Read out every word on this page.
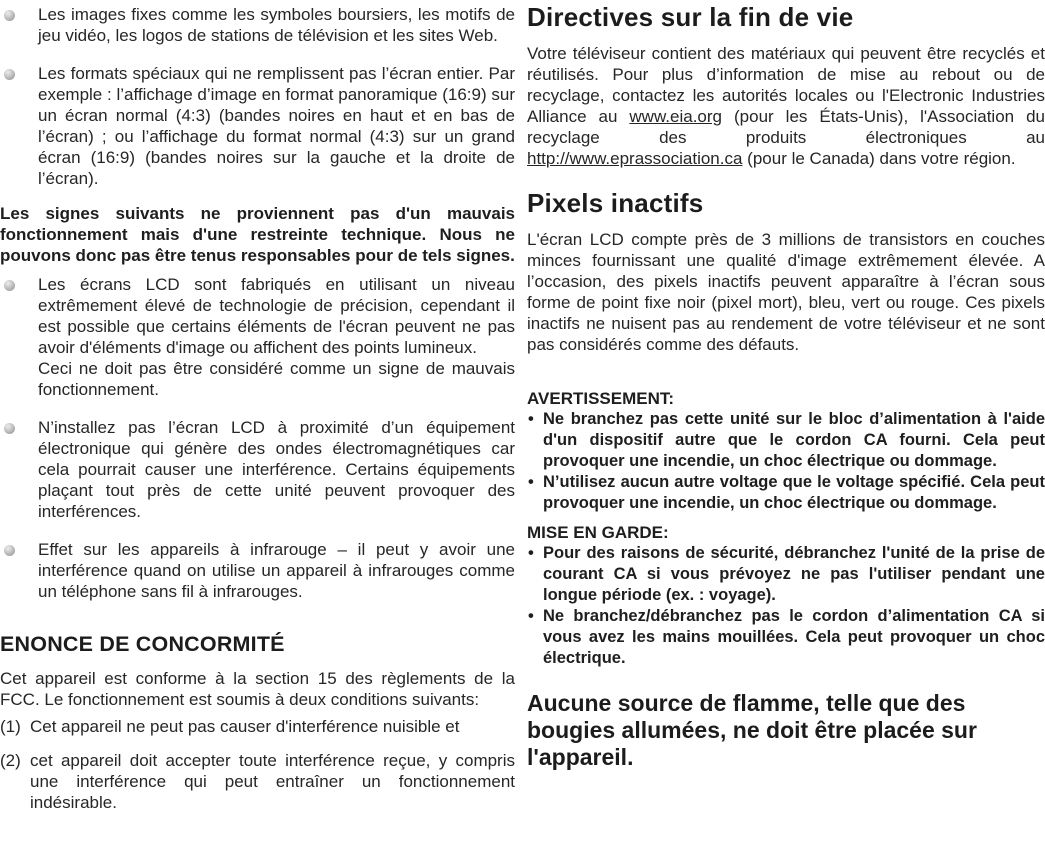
Les images fixes comme les symboles boursiers, les motifs de jeu vidéo, les logos de stations de télévision et les sites Web.

Les formats spéciaux qui ne remplissent pas l’écran entier. Par exemple : l’affichage d’image en format panoramique (16:9) sur un écran normal (4:3) (bandes noires en haut et en bas de l’écran) ; ou l’affichage du format normal (4:3) sur un grand écran (16:9) (bandes noires sur la gauche et la droite de l’écran).

Les signes suivants ne proviennent pas d'un mauvais fonctionnement mais d'une restreinte technique. Nous ne pouvons donc pas être tenus responsables pour de tels signes.

Les écrans LCD sont fabriqués en utilisant un niveau extrêmement élevé de technologie de précision, cependant il est possible que certains éléments de l'écran peuvent ne pas avoir d'éléments d'image ou affichent des points lumineux.

Ceci ne doit pas être considéré comme un signe de mauvais fonctionnement.

N’installez pas l’écran LCD à proximité d’un équipement électronique qui génère des ondes électromagnétiques car cela pourrait causer une interférence. Certains équipements plaçant tout près de cette unité peuvent provoquer des interférences.

Effet sur les appareils à infrarouge – il peut y avoir une interférence quand on utilise un appareil à infrarouges comme un téléphone sans fil à infrarouges.

ENONCE DE CONCORMITÉ

Cet appareil est conforme à la section 15 des règlements de la FCC. Le fonctionnement est soumis à deux conditions suivants:

(1) Cet appareil ne peut pas causer d'interférence nuisible et

(2) cet appareil doit accepter toute interférence reçue, y compris une interférence qui peut entraîner un fonctionnement indésirable.

Directives sur la fin de vie

Votre téléviseur contient des matériaux qui peuvent être recyclés et réutilisés. Pour plus d’information de mise au rebout ou de recyclage, contactez les autorités locales ou l'Electronic Industries Alliance au www.eia.org (pour les États-Unis), l'Association du recyclage des produits électroniques au http://www.eprassociation.ca (pour le Canada) dans votre région.

Pixels inactifs

L'écran LCD compte près de 3 millions de transistors en couches minces fournissant une qualité d'image extrêmement élevée. A l’occasion, des pixels inactifs peuvent apparaître à l’écran sous forme de point fixe noir (pixel mort), bleu, vert ou rouge. Ces pixels inactifs ne nuisent pas au rendement de votre téléviseur et ne sont pas considérés comme des défauts.

AVERTISSEMENT:
• Ne branchez pas cette unité sur le bloc d’alimentation à l'aide d'un dispositif autre que le cordon CA fourni. Cela peut provoquer une incendie, un choc électrique ou dommage.

• N’utilisez aucun autre voltage que le voltage spécifié. Cela peut provoquer une incendie, un choc électrique ou dommage.

MISE EN GARDE:
• Pour des raisons de sécurité, débranchez l'unité de la prise de courant CA si vous prévoyez ne pas l'utiliser pendant une longue période (ex. : voyage).

• Ne branchez/débranchez pas le cordon d’alimentation CA si vous avez les mains mouillées. Cela peut provoquer un choc électrique.

Aucune source de flamme, telle que des bougies allumées, ne doit être placée sur l'appareil.
